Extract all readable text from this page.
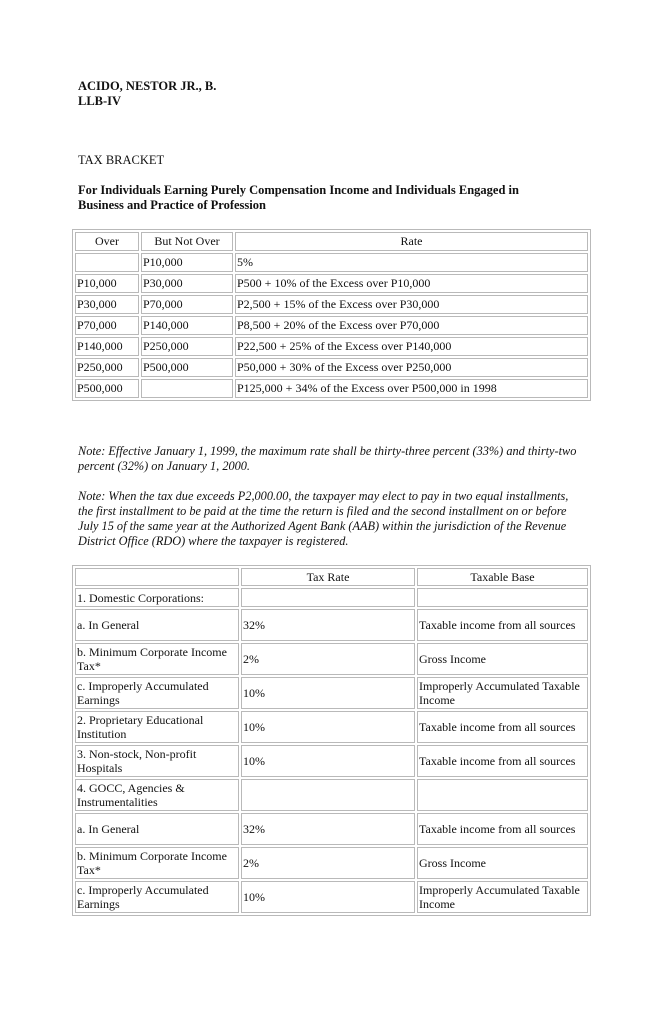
ACIDO, NESTOR JR., B.
LLB-IV
TAX BRACKET
For Individuals Earning Purely Compensation Income and Individuals Engaged in Business and Practice of Profession
Over	But Not Over	Rate
	P10,000	5%
P10,000	P30,000	P500 + 10% of the Excess over P10,000
P30,000	P70,000	P2,500 + 15% of the Excess over P30,000
P70,000	P140,000	P8,500 + 20% of the Excess over P70,000
P140,000	P250,000	P22,500 + 25% of the Excess over P140,000
P250,000	P500,000	P50,000 + 30% of the Excess over P250,000
P500,000		P125,000 + 34% of the Excess over P500,000 in 1998
Note: Effective January 1, 1999, the maximum rate shall be thirty-three percent (33%) and thirty-two percent (32%) on January 1, 2000.
Note: When the tax due exceeds P2,000.00, the taxpayer may elect to pay in two equal installments, the first installment to be paid at the time the return is filed and the second installment on or before July 15 of the same year at the Authorized Agent Bank (AAB) within the jurisdiction of the Revenue District Office (RDO) where the taxpayer is registered.
	Tax Rate	Taxable Base
1. Domestic Corporations:		
a. In General	32%	Taxable income from all sources
b. Minimum Corporate Income Tax*	2%	Gross Income
c. Improperly Accumulated Earnings	10%	Improperly Accumulated Taxable Income
2. Proprietary Educational Institution	10%	Taxable income from all sources
3. Non-stock, Non-profit Hospitals	10%	Taxable income from all sources
4. GOCC, Agencies & Instrumentalities		
a. In General	32%	Taxable income from all sources
b. Minimum Corporate Income Tax*	2%	Gross Income
c. Improperly Accumulated Earnings	10%	Improperly Accumulated Taxable Income
